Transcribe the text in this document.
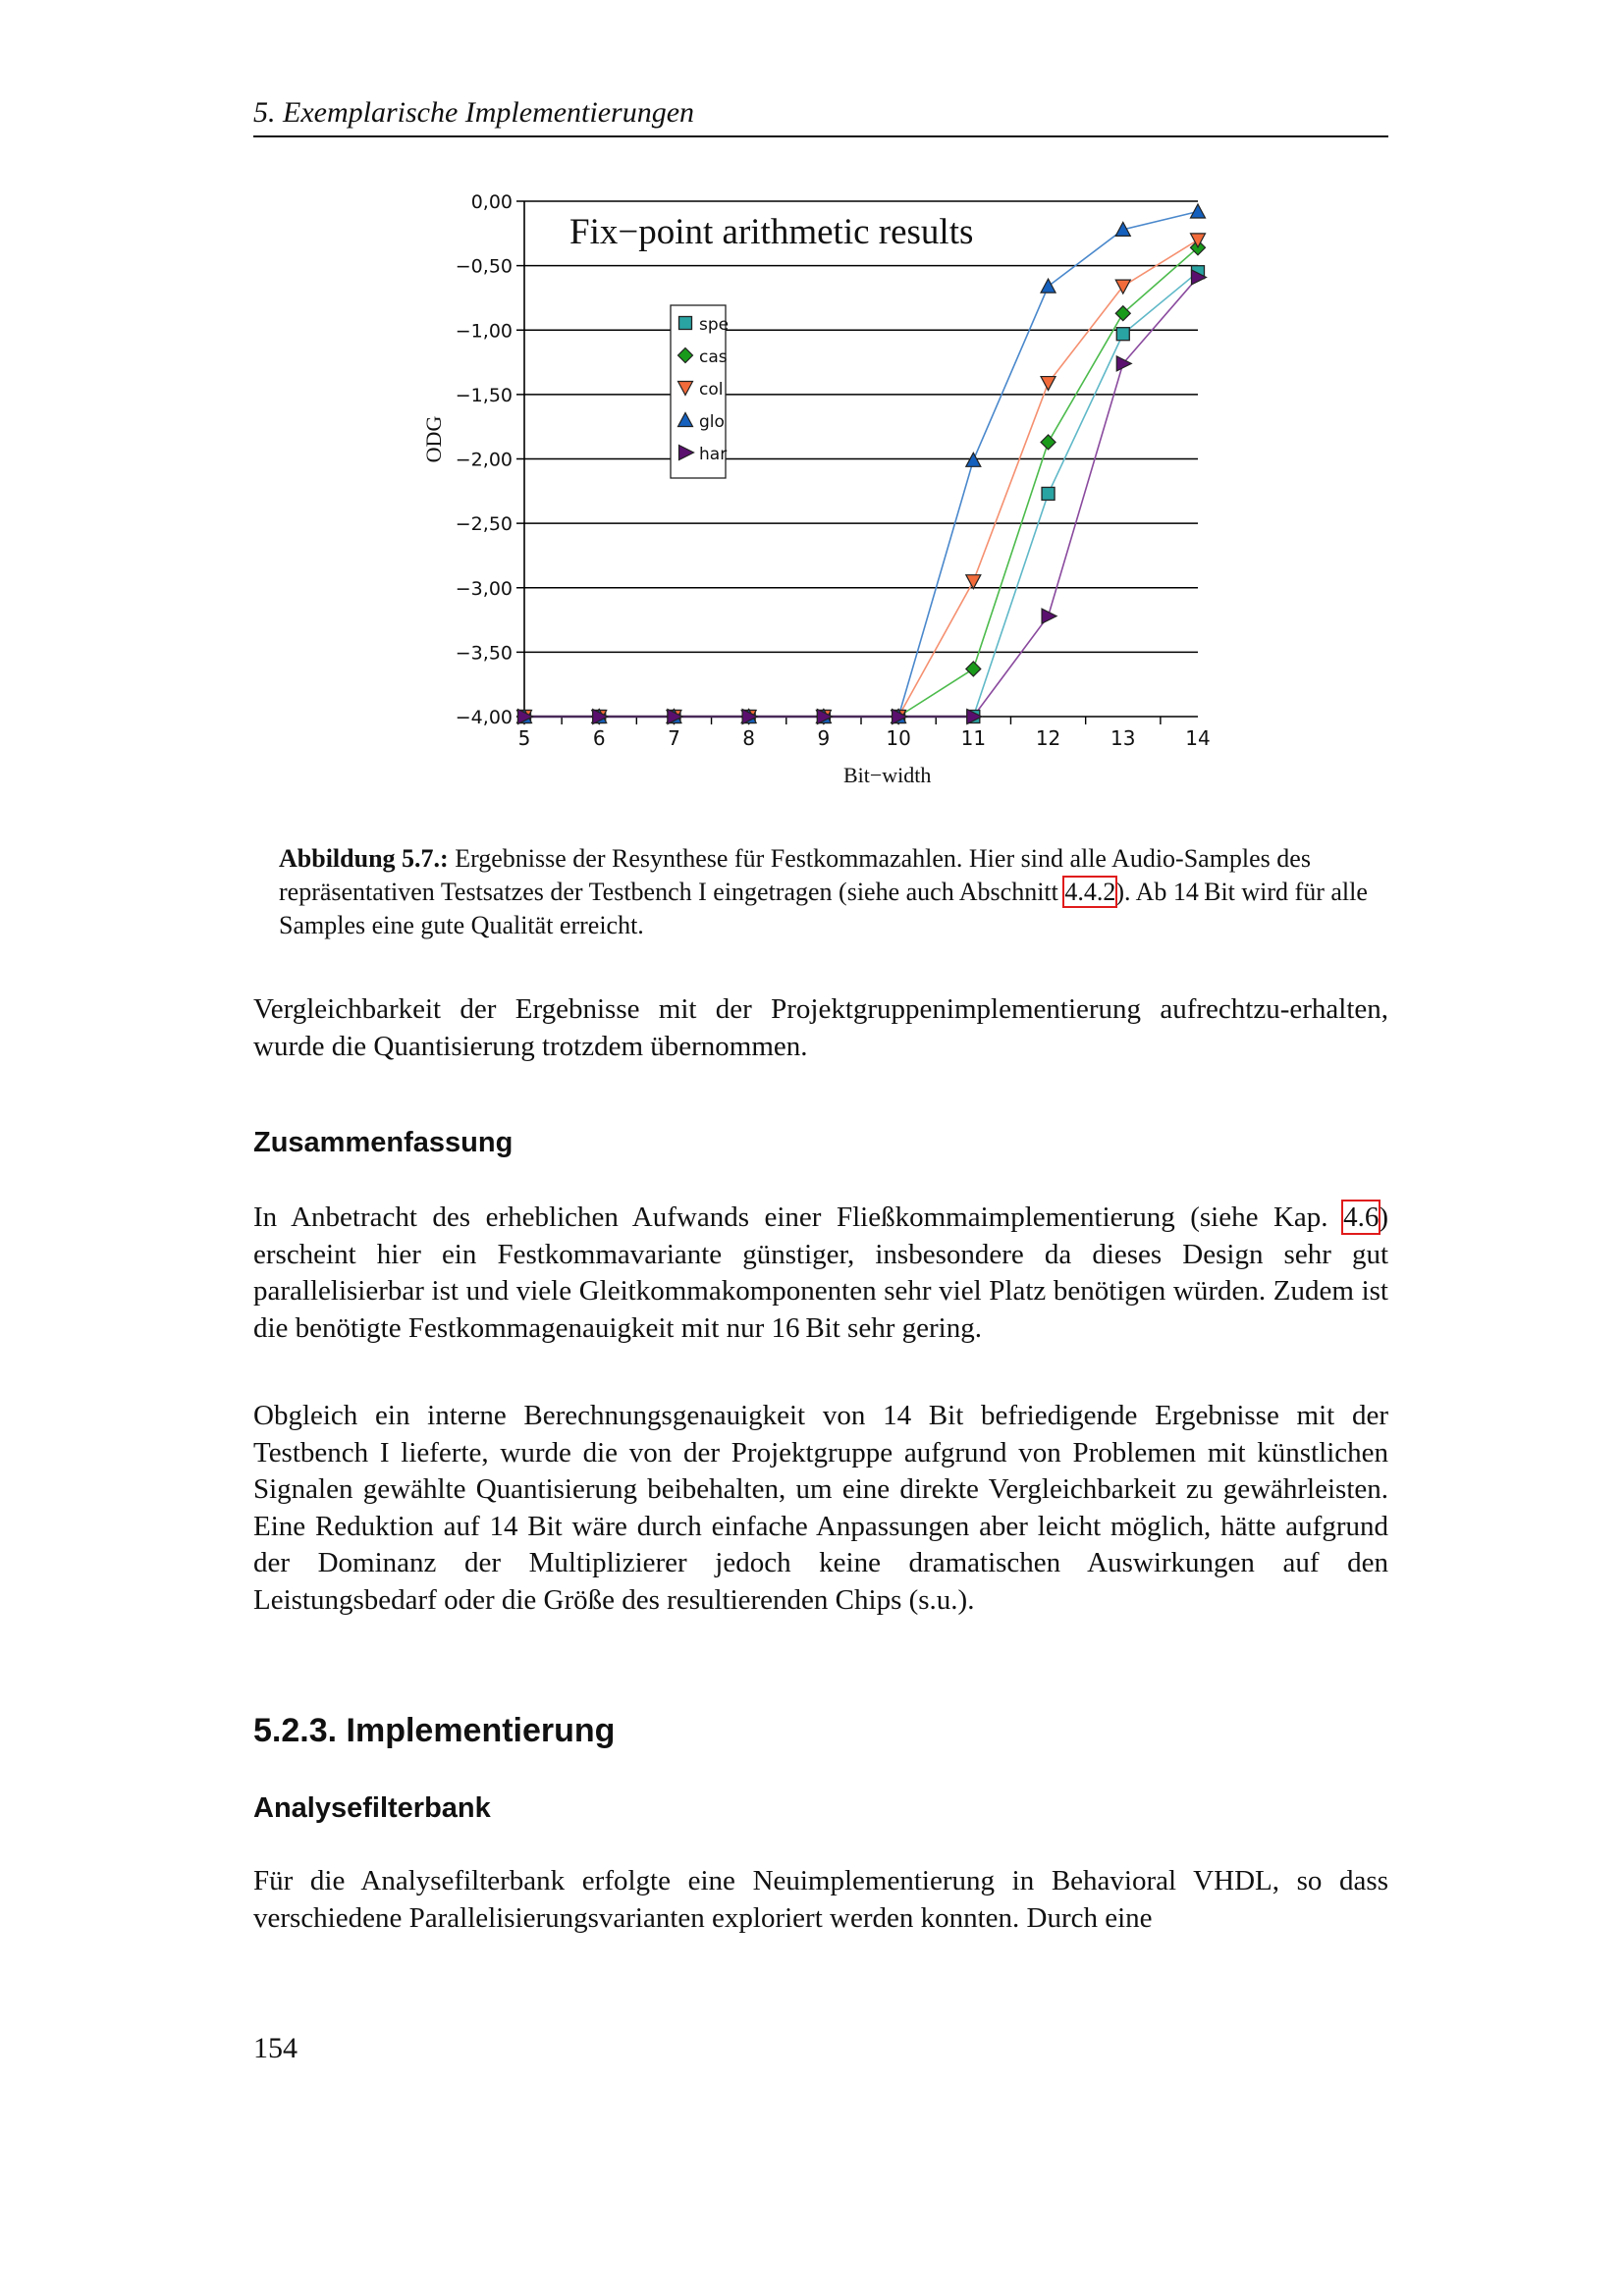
5. Exemplarische Implementierungen
0,00
−0,50
−1,00
−1,50
−2,00
−2,50
−3,00
−3,50
−4,00
5	6	7	8	9	10	11	12	13	14
Bit−width
ODG
Fix−point arithmetic results
spe
cas
col
glo
har
Abbildung 5.7.: Ergebnisse der Resynthese für Festkommazahlen. Hier sind alle Audio-Samples des repräsentativen Testsatzes der Testbench I eingetragen (siehe auch Abschnitt 4.4.2). Ab 14 Bit wird für alle Samples eine gute Qualität erreicht.

Vergleichbarkeit der Ergebnisse mit der Projektgruppenimplementierung aufrechtzu-erhalten, wurde die Quantisierung trotzdem übernommen.

Zusammenfassung

In Anbetracht des erheblichen Aufwands einer Fließkommaimplementierung (siehe Kap. 4.6) erscheint hier ein Festkommavariante günstiger, insbesondere da dieses Design sehr gut parallelisierbar ist und viele Gleitkommakomponenten sehr viel Platz benötigen würden. Zudem ist die benötigte Festkommagenauigkeit mit nur 16 Bit sehr gering.

Obgleich ein interne Berechnungsgenauigkeit von 14 Bit befriedigende Ergebnisse mit der Testbench I lieferte, wurde die von der Projektgruppe aufgrund von Problemen mit künstlichen Signalen gewählte Quantisierung beibehalten, um eine direkte Vergleichbarkeit zu gewährleisten. Eine Reduktion auf 14 Bit wäre durch einfache Anpassungen aber leicht möglich, hätte aufgrund der Dominanz der Multiplizierer jedoch keine dramatischen Auswirkungen auf den Leistungsbedarf oder die Größe des resultierenden Chips (s.u.).

5.2.3. Implementierung
Analysefilterbank

Für die Analysefilterbank erfolgte eine Neuimplementierung in Behavioral VHDL, so dass verschiedene Parallelisierungsvarianten exploriert werden konnten. Durch eine

154
